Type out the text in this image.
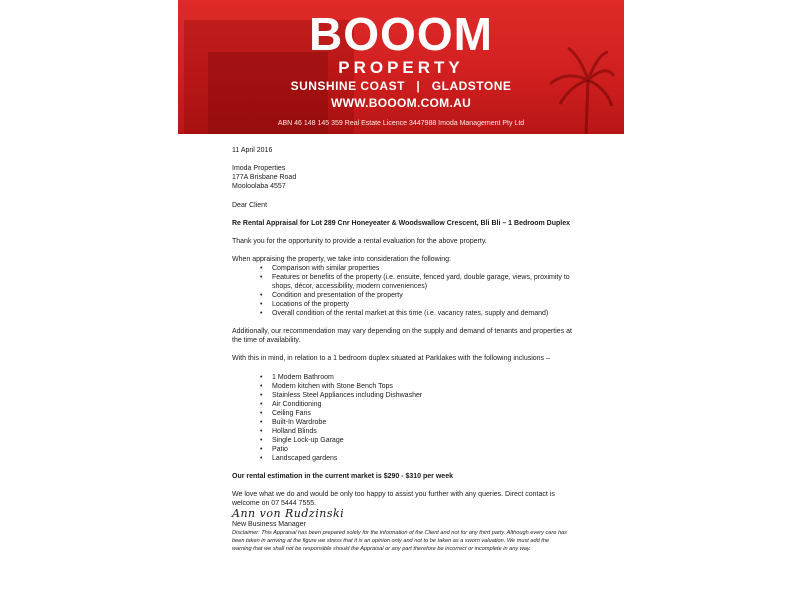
BOOOM
PROPERTY
SUNSHINE COAST   |   GLADSTONE
WWW.BOOOM.COM.AU
ABN 46 148 145 359 Real Estate Licence 3447988 Imoda Management Pty Ltd

11 April 2016

Imoda Properties

177A Brisbane Road

Mooloolaba 4557

Dear Client

Re Rental Appraisal for Lot 289 Cnr Honeyeater & Woodswallow Crescent, Bli Bli – 1 Bedroom Duplex

Thank you for the opportunity to provide a rental evaluation for the above property.

When appraising the property, we take into consideration the following:

• Comparison with similar properties
• Features or benefits of the property (i.e. ensuite, fenced yard, double garage, views, proximity to shops, décor, accessibility, modern conveniences)
• Condition and presentation of the property
• Locations of the property
• Overall condition of the rental market at this time (i.e. vacancy rates, supply and demand)

Additionally, our recommendation may vary depending on the supply and demand of tenants and properties at the time of availability.

With this in mind, in relation to a 1 bedroom duplex situated at Parklakes with the following inclusions –

• 1 Modern Bathroom
• Modern kitchen with Stone Bench Tops
• Stainless Steel Appliances including Dishwasher
• Air Conditioning
• Ceiling Fans
• Built-In Wardrobe
• Holland Blinds
• Single Lock-up Garage
• Patio
• Landscaped gardens

Our rental estimation in the current market is $290 - $310 per week

We love what we do and would be only too happy to assist you further with any queries. Direct contact is welcome on 07 5444 7555.

Ann von Rudzinski

New Business Manager

Disclaimer: This Appraisal has been prepared solely for the information of the Client and not for any third party. Although every care has been taken in arriving at the figure we stress that it is an opinion only and not to be taken as a sworn valuation. We must add the warning that we shall not be responsible should the Appraisal or any part therefore be incorrect or incomplete in any way.
